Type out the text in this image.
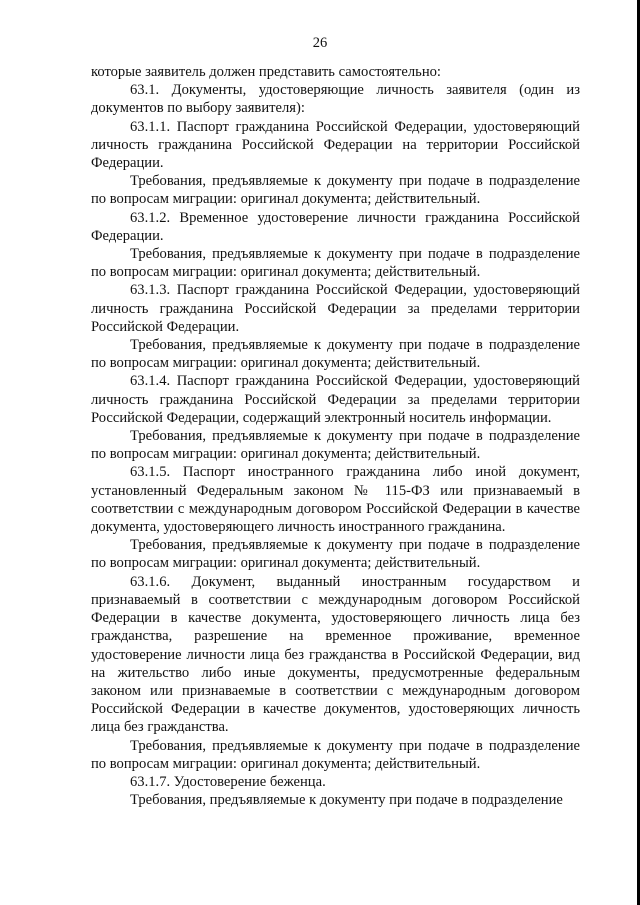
26

которые заявитель должен представить самостоятельно:

63.1. Документы, удостоверяющие личность заявителя (один из документов по выбору заявителя):

63.1.1. Паспорт гражданина Российской Федерации, удостоверяющий личность гражданина Российской Федерации на территории Российской Федерации.

Требования, предъявляемые к документу при подаче в подразделение по вопросам миграции: оригинал документа; действительный.

63.1.2. Временное удостоверение личности гражданина Российской Федерации.

Требования, предъявляемые к документу при подаче в подразделение по вопросам миграции: оригинал документа; действительный.

63.1.3. Паспорт гражданина Российской Федерации, удостоверяющий личность гражданина Российской Федерации за пределами территории Российской Федерации.

Требования, предъявляемые к документу при подаче в подразделение по вопросам миграции: оригинал документа; действительный.

63.1.4. Паспорт гражданина Российской Федерации, удостоверяющий личность гражданина Российской Федерации за пределами территории Российской Федерации, содержащий электронный носитель информации.

Требования, предъявляемые к документу при подаче в подразделение по вопросам миграции: оригинал документа; действительный.

63.1.5. Паспорт иностранного гражданина либо иной документ, установленный Федеральным законом № 115-ФЗ или признаваемый в соответствии с международным договором Российской Федерации в качестве документа, удостоверяющего личность иностранного гражданина.

Требования, предъявляемые к документу при подаче в подразделение по вопросам миграции: оригинал документа; действительный.

63.1.6. Документ, выданный иностранным государством и признаваемый в соответствии с международным договором Российской Федерации в качестве документа, удостоверяющего личность лица без гражданства, разрешение на временное проживание, временное удостоверение личности лица без гражданства в Российской Федерации, вид на жительство либо иные документы, предусмотренные федеральным законом или признаваемые в соответствии с международным договором Российской Федерации в качестве документов, удостоверяющих личность лица без гражданства.

Требования, предъявляемые к документу при подаче в подразделение по вопросам миграции: оригинал документа; действительный.

63.1.7. Удостоверение беженца.

Требования, предъявляемые к документу при подаче в подразделение
